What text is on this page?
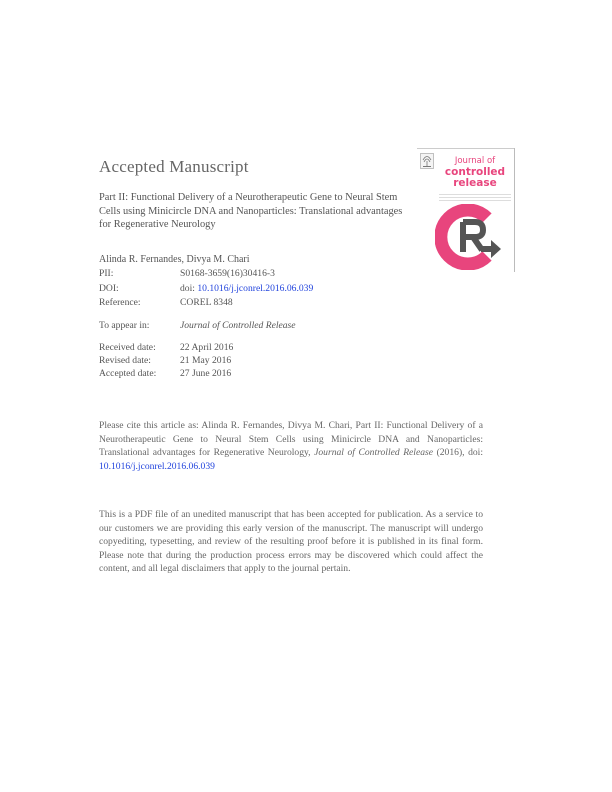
Accepted Manuscript
Part II: Functional Delivery of a Neurotherapeutic Gene to Neural Stem Cells using Minicircle DNA and Nanoparticles: Translational advantages for Regenerative Neurology
Alinda R. Fernandes, Divya M. Chari
PII:	S0168-3659(16)30416-3
DOI:	doi: 10.1016/j.jconrel.2016.06.039
Reference:	COREL 8348
To appear in:	Journal of Controlled Release
Received date:	22 April 2016
Revised date:	21 May 2016
Accepted date: 27 June 2016
Please cite this article as: Alinda R. Fernandes, Divya M. Chari, Part II: Functional Delivery of a Neurotherapeutic Gene to Neural Stem Cells using Minicircle DNA and Nanoparticles: Translational advantages for Regenerative Neurology, Journal of Controlled Release (2016), doi: 10.1016/j.jconrel.2016.06.039
This is a PDF file of an unedited manuscript that has been accepted for publication. As a service to our customers we are providing this early version of the manuscript. The manuscript will undergo copyediting, typesetting, and review of the resulting proof before it is published in its final form. Please note that during the production process errors may be discovered which could affect the content, and all legal disclaimers that apply to the journal pertain.
Journal of
controlled
release
